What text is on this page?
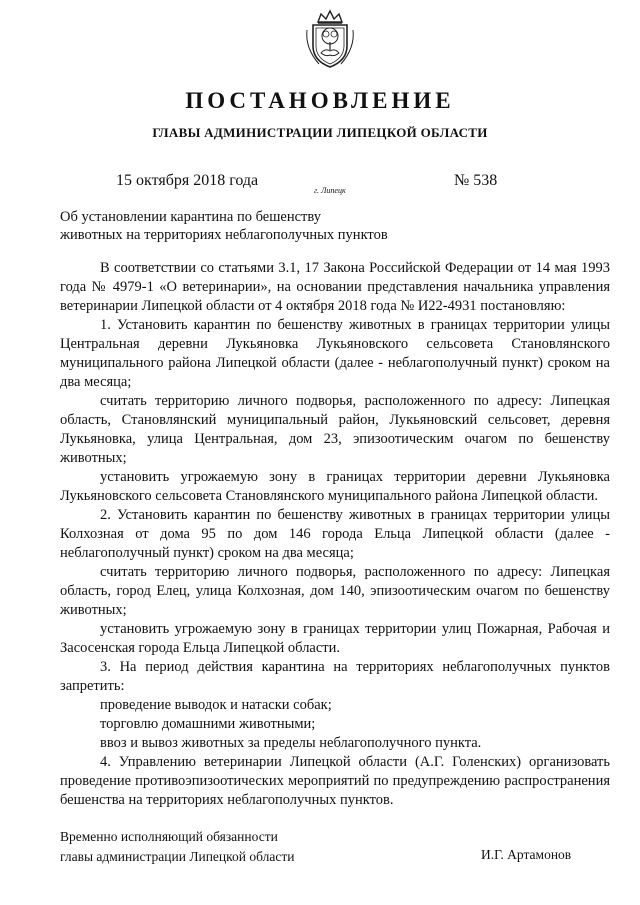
ПОСТАНОВЛЕНИЕ
ГЛАВЫ АДМИНИСТРАЦИИ ЛИПЕЦКОЙ ОБЛАСТИ
15 октября 2018 года
г. Липецк
№ 538
Об установлении карантина по бешенству
животных на территориях неблагополучных пунктов

В соответствии со статьями 3.1, 17 Закона Российской Федерации от 14 мая 1993 года № 4979-1 «О ветеринарии», на основании представления начальника управления ветеринарии Липецкой области от 4 октября 2018 года № И22-4931 постановляю:

1. Установить карантин по бешенству животных в границах территории улицы Центральная деревни Лукьяновка Лукьяновского сельсовета Становлянского муниципального района Липецкой области (далее - неблагополучный пункт) сроком на два месяца;

считать территорию личного подворья, расположенного по адресу: Липецкая область, Становлянский муниципальный район, Лукьяновский сельсовет, деревня Лукьяновка, улица Центральная, дом 23, эпизоотическим очагом по бешенству животных;

установить угрожаемую зону в границах территории деревни Лукьяновка Лукьяновского сельсовета Становлянского муниципального района Липецкой области.

2. Установить карантин по бешенству животных в границах территории улицы Колхозная от дома 95 по дом 146 города Ельца Липецкой области (далее - неблагополучный пункт) сроком на два месяца;

считать территорию личного подворья, расположенного по адресу: Липецкая область, город Елец, улица Колхозная, дом 140, эпизоотическим очагом по бешенству животных;

установить угрожаемую зону в границах территории улиц Пожарная, Рабочая и Засосенская города Ельца Липецкой области.

3. На период действия карантина на территориях неблагополучных пунктов запретить:

проведение выводок и натаски собак;

торговлю домашними животными;

ввоз и вывоз животных за пределы неблагополучного пункта.

4. Управлению ветеринарии Липецкой области (А.Г. Голенских) организовать проведение противоэпизоотических мероприятий по предупреждению распространения бешенства на территориях неблагополучных пунктов.

Временно исполняющий обязанности
главы администрации Липецкой области	И.Г. Артамонов
